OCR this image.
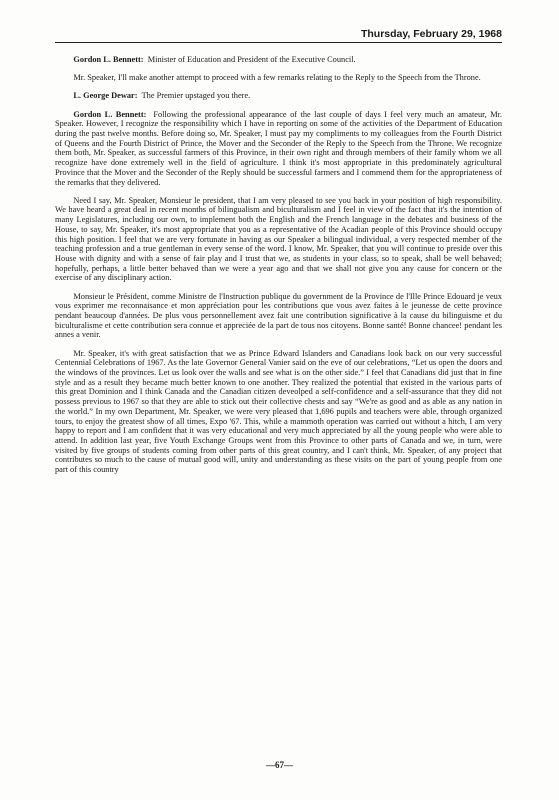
Thursday, February 29, 1968

Gordon L. Bennett: Minister of Education and President of the Executive Council.

Mr. Speaker, I'll make another attempt to proceed with a few remarks relating to the Reply to the Speech from the Throne.

L. George Dewar: The Premier upstaged you there.

Gordon L. Bennett: Following the professional appearance of the last couple of days I feel very much an amateur, Mr. Speaker. However, I recognize the responsibility which I have in reporting on some of the activities of the Department of Education during the past twelve months. Before doing so, Mr. Speaker, I must pay my compliments to my colleagues from the Fourth District of Queens and the Fourth District of Prince, the Mover and the Seconder of the Reply to the Speech from the Throne. We recognize them both, Mr. Speaker, as successful farmers of this Province, in their own right and through members of their family whom we all recognize have done extremely well in the field of agriculture. I think it's most appropriate in this predominately agricultural Province that the Mover and the Seconder of the Reply should be successful farmers and I commend them for the appropriateness of the remarks that they delivered.

Need I say, Mr. Speaker, Monsieur le president, that I am very pleased to see you back in your position of high responsibility. We have heard a great deal in recent months of bilingualism and biculturalism and I feel in view of the fact that it's the intention of many Legislatures, including our own, to implement both the English and the French language in the debates and business of the House, to say, Mr. Speaker, it's most appropriate that you as a representative of the Acadian people of this Province should occupy this high position. I feel that we are very fortunate in having as our Speaker a bilingual individual, a very respected member of the teaching profession and a true gentleman in every sense of the word. I know, Mr. Speaker, that you will continue to preside over this House with dignity and with a sense of fair play and I trust that we, as students in your class, so to speak, shall be well behaved; hopefully, perhaps, a little better behaved than we were a year ago and that we shall not give you any cause for concern or the exercise of any disciplinary action.

Monsieur le Président, comme Ministre de l'Instruction publique du government de la Province de l'Ille Prince Edouard je veux vous exprimer me reconnaisance et mon appréciation pour les contributions que vous avez faites à le jeunesse de cette province pendant beaucoup d'années. De plus vous personnellement avez fait une contribution significative à la cause du bilinguisme et du biculturalisme et cette contribution sera connue et appreciée de la part de tous nos citoyens. Bonne santé! Bonne chancee! pendant les annes a venir.

Mr. Speaker, it's with great satisfaction that we as Prince Edward Islanders and Canadians look back on our very successful Centennial Celebrations of 1967. As the late Governor General Vanier said on the eve of our celebrations, “Let us open the doors and the windows of the provinces. Let us look over the walls and see what is on the other side.” I feel that Canadians did just that in fine style and as a result they became much better known to one another. They realized the potential that existed in the various parts of this great Dominion and I think Canada and the Canadian citizen deveolped a self-confidence and a self-assurance that they did not possess previous to 1967 so that they are able to stick out their collective chests and say “We're as good and as able as any nation in the world.” In my own Department, Mr. Speaker, we were very pleased that 1,696 pupils and teachers were able, through organized tours, to enjoy the greatest show of all times, Expo '67. This, while a mammoth operation was carried out without a hitch, I am very happy to report and I am confident that it was very educational and very much appreciated by all the young people who were able to attend. In addition last year, five Youth Exchange Groups went from this Province to other parts of Canada and we, in turn, were visited by five groups of students coming from other parts of this great country, and I can't think, Mr. Speaker, of any project that contributes so much to the cause of mutual good will, unity and understanding as these visits on the part of young people from one part of this country

—67—
